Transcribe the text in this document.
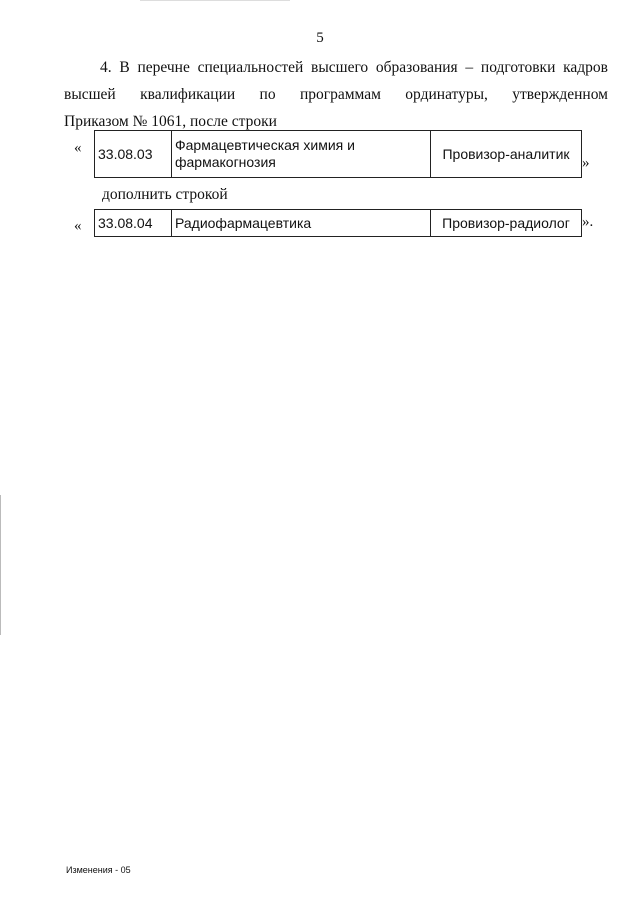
5
4. В перечне специальностей высшего образования – подготовки кадров
высшей квалификации по программам ординатуры, утвержденном
Приказом № 1061, после строки
« 33.08.03	Фармацевтическая химия и фармакогнозия	Провизор-аналитик
»
дополнить строкой
« 33.08.04	Радиофармацевтика	Провизор-радиолог ».
Изменения - 05
